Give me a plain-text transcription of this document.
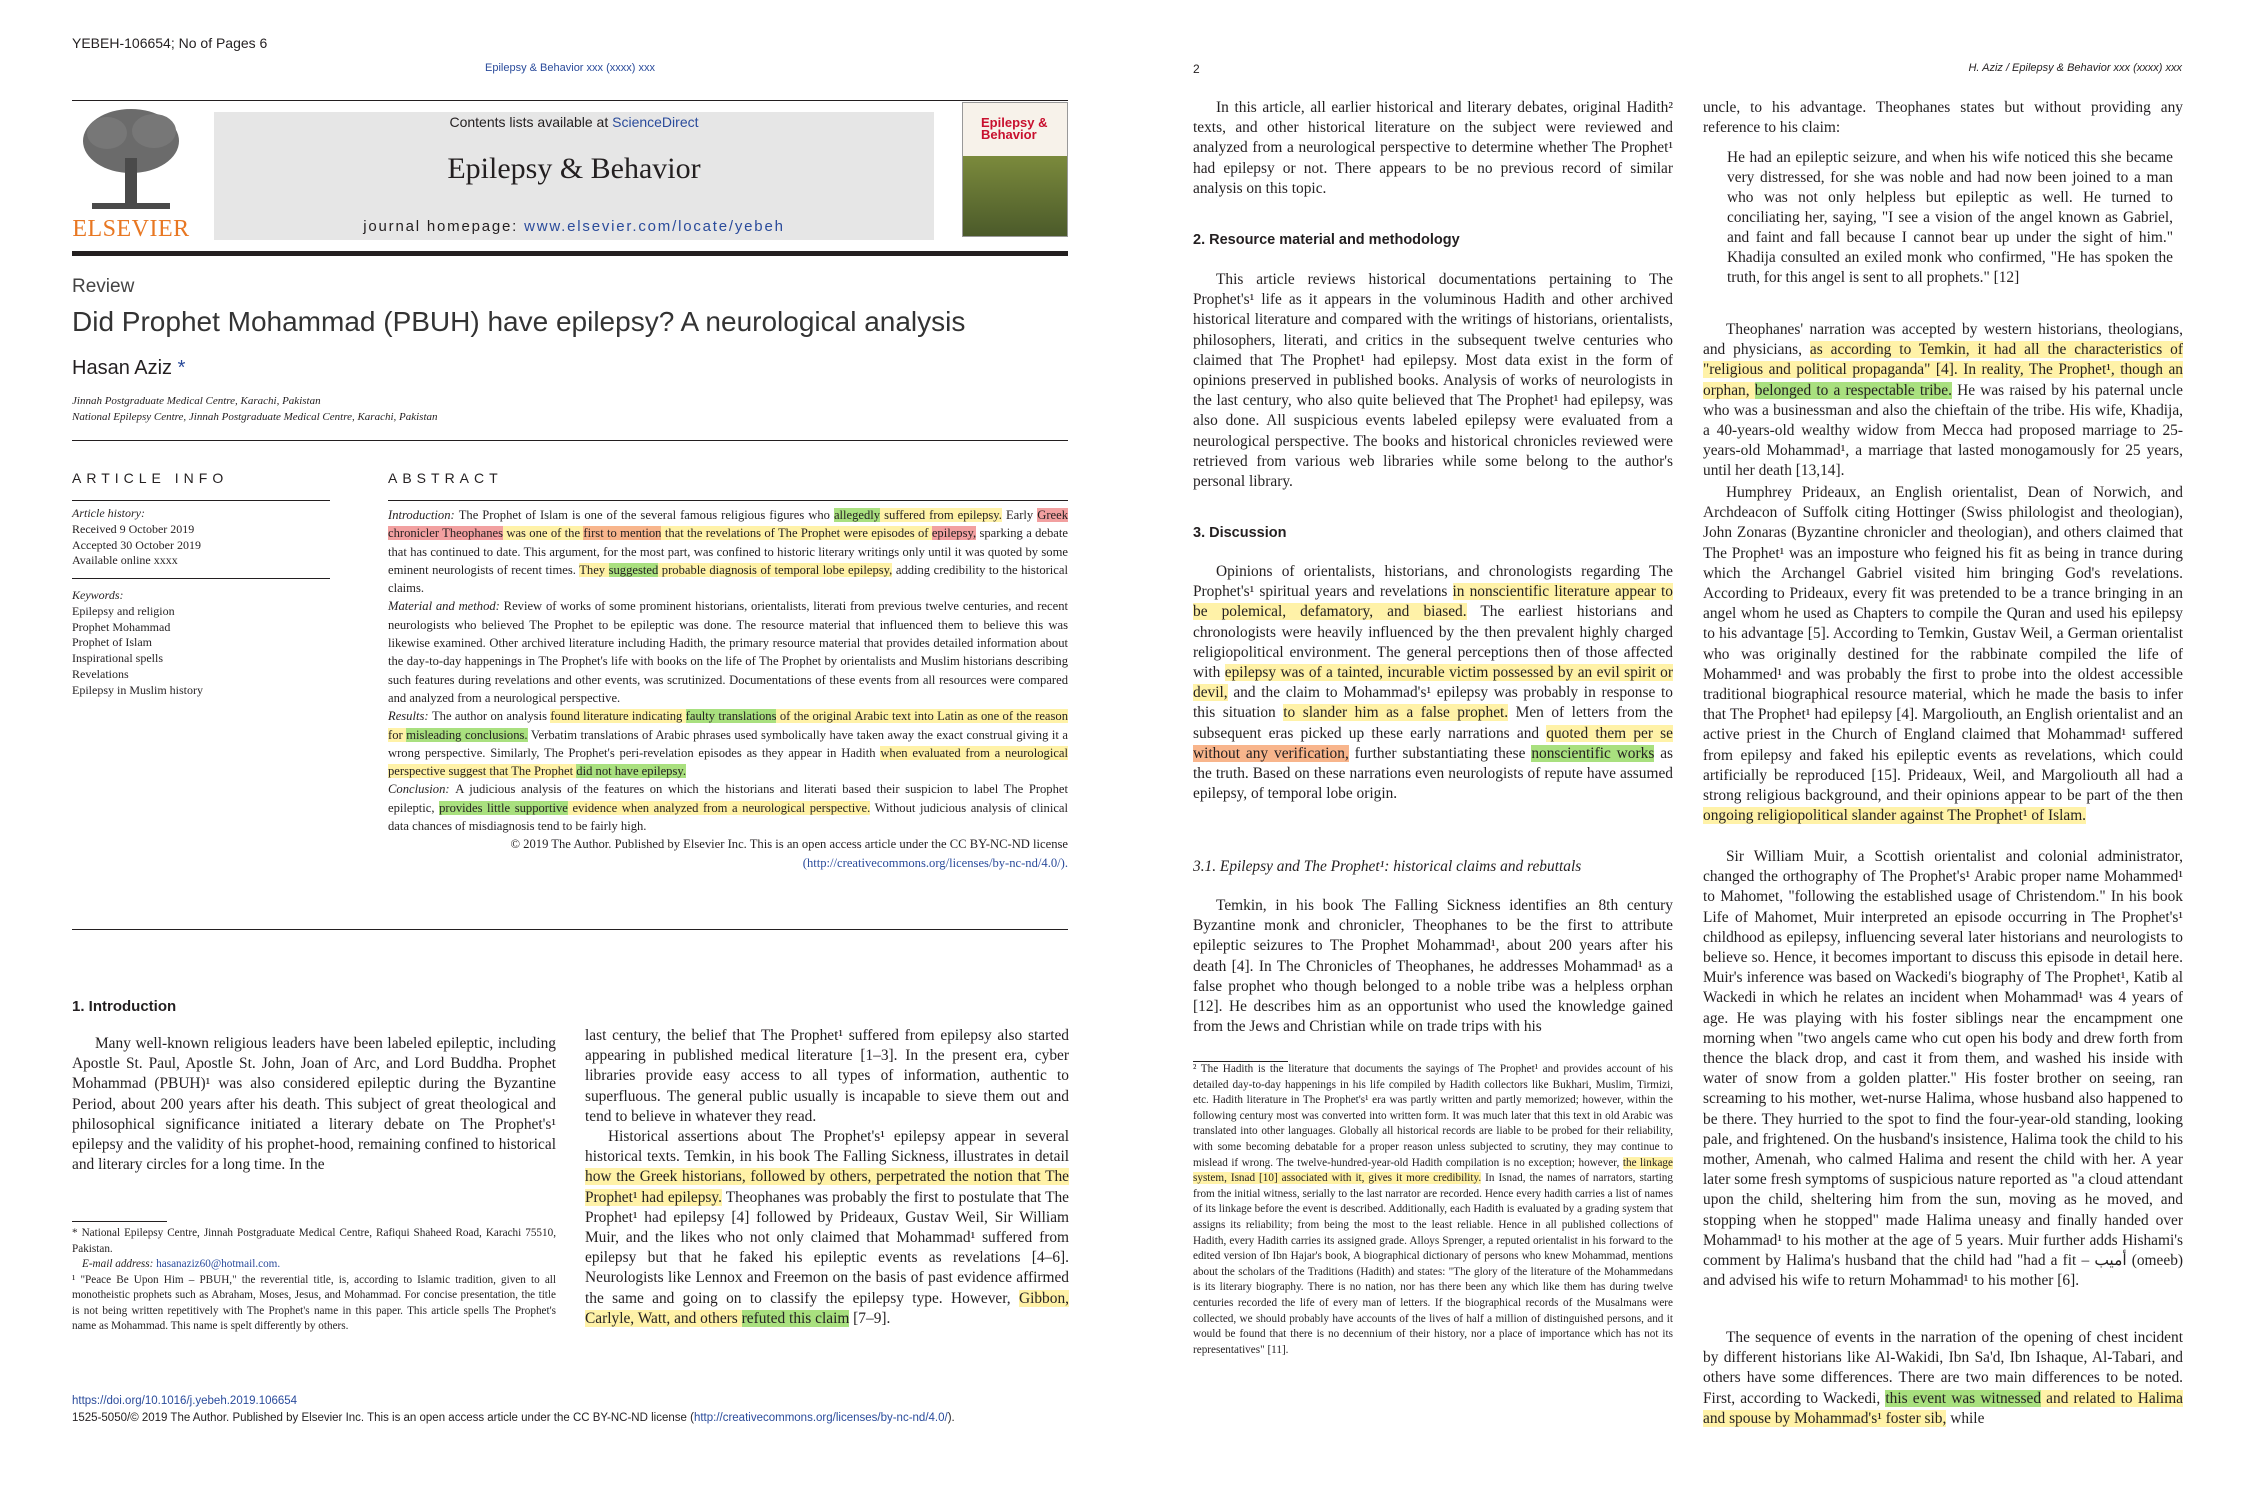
YEBEH-106654; No of Pages 6
Epilepsy & Behavior xxx (xxxx) xxx
ELSEVIER
Contents lists available at ScienceDirect
Epilepsy & Behavior
journal homepage: www.elsevier.com/locate/yebeh
Epilepsy & Behavior
Review
Did Prophet Mohammad (PBUH) have epilepsy? A neurological analysis
Hasan Aziz *
Jinnah Postgraduate Medical Centre, Karachi, Pakistan
National Epilepsy Centre, Jinnah Postgraduate Medical Centre, Karachi, Pakistan
ARTICLE INFO	ABSTRACT
Article history:
Received 9 October 2019
Accepted 30 October 2019
Available online xxxx
Keywords:
Epilepsy and religion
Prophet Mohammad
Prophet of Islam
Inspirational spells
Revelations
Epilepsy in Muslim history

Introduction: The Prophet of Islam is one of the several famous religious figures who allegedly suffered from epilepsy. Early Greek chronicler Theophanes was one of the first to mention that the revelations of The Prophet were episodes of epilepsy, sparking a debate that has continued to date. This argument, for the most part, was confined to historic literary writings only until it was quoted by some eminent neurologists of recent times. They suggested probable diagnosis of temporal lobe epilepsy, adding credibility to the historical claims.

Material and method: Review of works of some prominent historians, orientalists, literati from previous twelve centuries, and recent neurologists who believed The Prophet to be epileptic was done. The resource material that influenced them to believe this was likewise examined. Other archived literature including Hadith, the primary resource material that provides detailed information about the day-to-day happenings in The Prophet's life with books on the life of The Prophet by orientalists and Muslim historians describing such features during revelations and other events, was scrutinized. Documentations of these events from all resources were compared and analyzed from a neurological perspective.

Results: The author on analysis found literature indicating faulty translations of the original Arabic text into Latin as one of the reason for misleading conclusions. Verbatim translations of Arabic phrases used symbolically have taken away the exact construal giving it a wrong perspective. Similarly, The Prophet's peri-revelation episodes as they appear in Hadith when evaluated from a neurological perspective suggest that The Prophet did not have epilepsy.

Conclusion: A judicious analysis of the features on which the historians and literati based their suspicion to label The Prophet epileptic, provides little supportive evidence when analyzed from a neurological perspective. Without judicious analysis of clinical data chances of misdiagnosis tend to be fairly high.

© 2019 The Author. Published by Elsevier Inc. This is an open access article under the CC BY-NC-ND license
(http://creativecommons.org/licenses/by-nc-nd/4.0/).

1. Introduction
Many well-known religious leaders have been labeled epileptic, including Apostle St. Paul, Apostle St. John, Joan of Arc, and Lord Buddha. Prophet Mohammad (PBUH)¹ was also considered epileptic during the Byzantine Period, about 200 years after his death. This subject of great theological and philosophical significance initiated a literary debate on The Prophet's¹ epilepsy and the validity of his prophet-hood, remaining confined to historical and literary circles for a long time. In the

last century, the belief that The Prophet¹ suffered from epilepsy also started appearing in published medical literature [1–3]. In the present era, cyber libraries provide easy access to all types of information, authentic to superfluous. The general public usually is incapable to sieve them out and tend to believe in whatever they read.

Historical assertions about The Prophet's¹ epilepsy appear in several historical texts. Temkin, in his book The Falling Sickness, illustrates in detail how the Greek historians, followed by others, perpetrated the notion that The Prophet¹ had epilepsy. Theophanes was probably the first to postulate that The Prophet¹ had epilepsy [4] followed by Prideaux, Gustav Weil, Sir William Muir, and the likes who not only claimed that Mohammad¹ suffered from epilepsy but that he faked his epileptic events as revelations [4–6]. Neurologists like Lennox and Freemon on the basis of past evidence affirmed the same and going on to classify the epilepsy type. However, Gibbon, Carlyle, Watt, and others refuted this claim [7–9].

* National Epilepsy Centre, Jinnah Postgraduate Medical Centre, Rafiqui Shaheed Road, Karachi 75510, Pakistan.

E-mail address: hasanaziz60@hotmail.com.

¹ "Peace Be Upon Him – PBUH," the reverential title, is, according to Islamic tradition, given to all monotheistic prophets such as Abraham, Moses, Jesus, and Mohammad. For concise presentation, the title is not being written repetitively with The Prophet's name in this paper. This article spells The Prophet's name as Mohammad. This name is spelt differently by others.

https://doi.org/10.1016/j.yebeh.2019.106654
1525-5050/© 2019 The Author. Published by Elsevier Inc. This is an open access article under the CC BY-NC-ND license (http://creativecommons.org/licenses/by-nc-nd/4.0/).
2	H. Aziz / Epilepsy & Behavior xxx (xxxx) xxx
In this article, all earlier historical and literary debates, original Hadith² texts, and other historical literature on the subject were reviewed and analyzed from a neurological perspective to determine whether The Prophet¹ had epilepsy or not. There appears to be no previous record of similar analysis on this topic.
2. Resource material and methodology
This article reviews historical documentations pertaining to The Prophet's¹ life as it appears in the voluminous Hadith and other archived historical literature and compared with the writings of historians, orientalists, philosophers, literati, and critics in the subsequent twelve centuries who claimed that The Prophet¹ had epilepsy. Most data exist in the form of opinions preserved in published books. Analysis of works of neurologists in the last century, who also quite believed that The Prophet¹ had epilepsy, was also done. All suspicious events labeled epilepsy were evaluated from a neurological perspective. The books and historical chronicles reviewed were retrieved from various web libraries while some belong to the author's personal library.
3. Discussion
Opinions of orientalists, historians, and chronologists regarding The Prophet's¹ spiritual years and revelations in nonscientific literature appear to be polemical, defamatory, and biased. The earliest historians and chronologists were heavily influenced by the then prevalent highly charged religiopolitical environment. The general perceptions then of those affected with epilepsy was of a tainted, incurable victim possessed by an evil spirit or devil, and the claim to Mohammad's¹ epilepsy was probably in response to this situation to slander him as a false prophet. Men of letters from the subsequent eras picked up these early narrations and quoted them per se without any verification, further substantiating these nonscientific works as the truth. Based on these narrations even neurologists of repute have assumed epilepsy, of temporal lobe origin.
3.1. Epilepsy and The Prophet¹: historical claims and rebuttals
Temkin, in his book The Falling Sickness identifies an 8th century Byzantine monk and chronicler, Theophanes to be the first to attribute epileptic seizures to The Prophet Mohammad¹, about 200 years after his death [4]. In The Chronicles of Theophanes, he addresses Mohammad¹ as a false prophet who though belonged to a noble tribe was a helpless orphan [12]. He describes him as an opportunist who used the knowledge gained from the Jews and Christian while on trade trips with his
² The Hadith is the literature that documents the sayings of The Prophet¹ and provides account of his detailed day-to-day happenings in his life compiled by Hadith collectors like Bukhari, Muslim, Tirmizi, etc. Hadith literature in The Prophet's¹ era was partly written and partly memorized; however, within the following century most was converted into written form. It was much later that this text in old Arabic was translated into other languages. Globally all historical records are liable to be probed for their reliability, with some becoming debatable for a proper reason unless subjected to scrutiny, they may continue to mislead if wrong. The twelve-hundred-year-old Hadith compilation is no exception; however, the linkage system, Isnad [10] associated with it, gives it more credibility. In Isnad, the names of narrators, starting from the initial witness, serially to the last narrator are recorded. Hence every hadith carries a list of names of its linkage before the event is described. Additionally, each Hadith is evaluated by a grading system that assigns its reliability; from being the most to the least reliable. Hence in all published collections of Hadith, every Hadith carries its assigned grade. Alloys Sprenger, a reputed orientalist in his forward to the edited version of Ibn Hajar's book, A biographical dictionary of persons who knew Mohammad, mentions about the scholars of the Traditions (Hadith) and states: "The glory of the literature of the Mohammedans is its literary biography. There is no nation, nor has there been any which like them has during twelve centuries recorded the life of every man of letters. If the biographical records of the Musalmans were collected, we should probably have accounts of the lives of half a million of distinguished persons, and it would be found that there is no decennium of their history, nor a place of importance which has not its representatives" [11].
uncle, to his advantage. Theophanes states but without providing any reference to his claim:
He had an epileptic seizure, and when his wife noticed this she became very distressed, for she was noble and had now been joined to a man who was not only helpless but epileptic as well. He turned to conciliating her, saying, "I see a vision of the angel known as Gabriel, and faint and fall because I cannot bear up under the sight of him." Khadija consulted an exiled monk who confirmed, "He has spoken the truth, for this angel is sent to all prophets." [12]
Theophanes' narration was accepted by western historians, theologians, and physicians, as according to Temkin, it had all the characteristics of "religious and political propaganda" [4]. In reality, The Prophet¹, though an orphan, belonged to a respectable tribe. He was raised by his paternal uncle who was a businessman and also the chieftain of the tribe. His wife, Khadija, a 40-years-old wealthy widow from Mecca had proposed marriage to 25-years-old Mohammad¹, a marriage that lasted monogamously for 25 years, until her death [13,14].
Humphrey Prideaux, an English orientalist, Dean of Norwich, and Archdeacon of Suffolk citing Hottinger (Swiss philologist and theologian), John Zonaras (Byzantine chronicler and theologian), and others claimed that The Prophet¹ was an imposture who feigned his fit as being in trance during which the Archangel Gabriel visited him bringing God's revelations. According to Prideaux, every fit was pretended to be a trance bringing in an angel whom he used as Chapters to compile the Quran and used his epilepsy to his advantage [5]. According to Temkin, Gustav Weil, a German orientalist who was originally destined for the rabbinate compiled the life of Mohammed¹ and was probably the first to probe into the oldest accessible traditional biographical resource material, which he made the basis to infer that The Prophet¹ had epilepsy [4]. Margoliouth, an English orientalist and an active priest in the Church of England claimed that Mohammad¹ suffered from epilepsy and faked his epileptic events as revelations, which could artificially be reproduced [15]. Prideaux, Weil, and Margoliouth all had a strong religious background, and their opinions appear to be part of the then ongoing religiopolitical slander against The Prophet¹ of Islam.
Sir William Muir, a Scottish orientalist and colonial administrator, changed the orthography of The Prophet's¹ Arabic proper name Mohammed¹ to Mahomet, "following the established usage of Christendom." In his book Life of Mahomet, Muir interpreted an episode occurring in The Prophet's¹ childhood as epilepsy, influencing several later historians and neurologists to believe so. Hence, it becomes important to discuss this episode in detail here. Muir's inference was based on Wackedi's biography of The Prophet¹, Katib al Wackedi in which he relates an incident when Mohammad¹ was 4 years of age. He was playing with his foster siblings near the encampment one morning when "two angels came who cut open his body and drew forth from thence the black drop, and cast it from them, and washed his inside with water of snow from a golden platter." His foster brother on seeing, ran screaming to his mother, wet-nurse Halima, whose husband also happened to be there. They hurried to the spot to find the four-year-old standing, looking pale, and frightened. On the husband's insistence, Halima took the child to his mother, Amenah, who calmed Halima and resent the child with her. A year later some fresh symptoms of suspicious nature reported as "a cloud attendant upon the child, sheltering him from the sun, moving as he moved, and stopping when he stopped" made Halima uneasy and finally handed over Mohammad¹ to his mother at the age of 5 years. Muir further adds Hishami's comment by Halima's husband that the child had "had a fit – أميب (omeeb) and advised his wife to return Mohammad¹ to his mother [6].
The sequence of events in the narration of the opening of chest incident by different historians like Al-Wakidi, Ibn Sa'd, Ibn Ishaque, Al-Tabari, and others have some differences. There are two main differences to be noted. First, according to Wackedi, this event was witnessed and related to Halima and spouse by Mohammad's¹ foster sib, while
